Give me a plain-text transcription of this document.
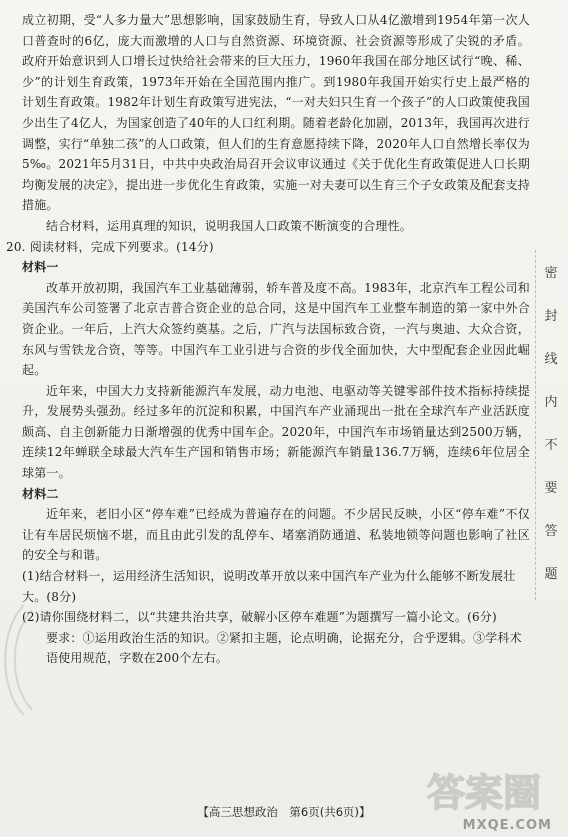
成立初期，受“人多力量大”思想影响，国家鼓励生育，导致人口从4亿激增到1954年第一次人口普查时的6亿，庞大而激增的人口与自然资源、环境资源、社会资源等形成了尖锐的矛盾。政府开始意识到人口增长过快给社会带来的巨大压力，1960年我国在部分地区试行“晚、稀、少”的计划生育政策，1973年开始在全国范围内推广。到1980年我国开始实行史上最严格的计划生育政策。1982年计划生育政策写进宪法，“一对夫妇只生育一个孩子”的人口政策使我国少出生了4亿人，为国家创造了40年的人口红利期。随着老龄化加剧，2013年，我国再次进行调整，实行“单独二孩”的人口政策，但人们的生育意愿持续下降，2020年人口自然增长率仅为5‰。2021年5月31日，中共中央政治局召开会议审议通过《关于优化生育政策促进人口长期均衡发展的决定》，提出进一步优化生育政策，实施一对夫妻可以生育三个子女政策及配套支持措施。

结合材料，运用真理的知识，说明我国人口政策不断演变的合理性。

20. 阅读材料，完成下列要求。(14分)

材料一

改革开放初期，我国汽车工业基础薄弱，轿车普及度不高。1983年，北京汽车工程公司和美国汽车公司签署了北京吉普合资企业的总合同，这是中国汽车工业整车制造的第一家中外合资企业。一年后，上汽大众签约奠基。之后，广汽与法国标致合资，一汽与奥迪、大众合资，东风与雪铁龙合资，等等。中国汽车工业引进与合资的步伐全面加快，大中型配套企业因此崛起。

近年来，中国大力支持新能源汽车发展，动力电池、电驱动等关键零部件技术指标持续提升，发展势头强劲。经过多年的沉淀和积累，中国汽车产业涌现出一批在全球汽车产业活跃度颇高、自主创新能力日渐增强的优秀中国车企。2020年，中国汽车市场销量达到2500万辆，连续12年蝉联全球最大汽车生产国和销售市场；新能源汽车销量136.7万辆，连续6年位居全球第一。

材料二

近年来，老旧小区“停车难”已经成为普遍存在的问题。不少居民反映，小区“停车难”不仅让有车居民烦恼不堪，而且由此引发的乱停车、堵塞消防通道、私装地锁等问题也影响了社区的安全与和谐。

(1)结合材料一，运用经济生活知识，说明改革开放以来中国汽车产业为什么能够不断发展壮大。(8分)

(2)请你围绕材料二，以“共建共治共享，破解小区停车难题”为题撰写一篇小论文。(6分)

要求：①运用政治生活的知识。②紧扣主题，论点明确，论据充分，合乎逻辑。③学科术语使用规范，字数在200个左右。

密
封
线
内
不
要
答
题
答案圈
MXQE.COM
【高三思想政治　第6页(共6页)】
